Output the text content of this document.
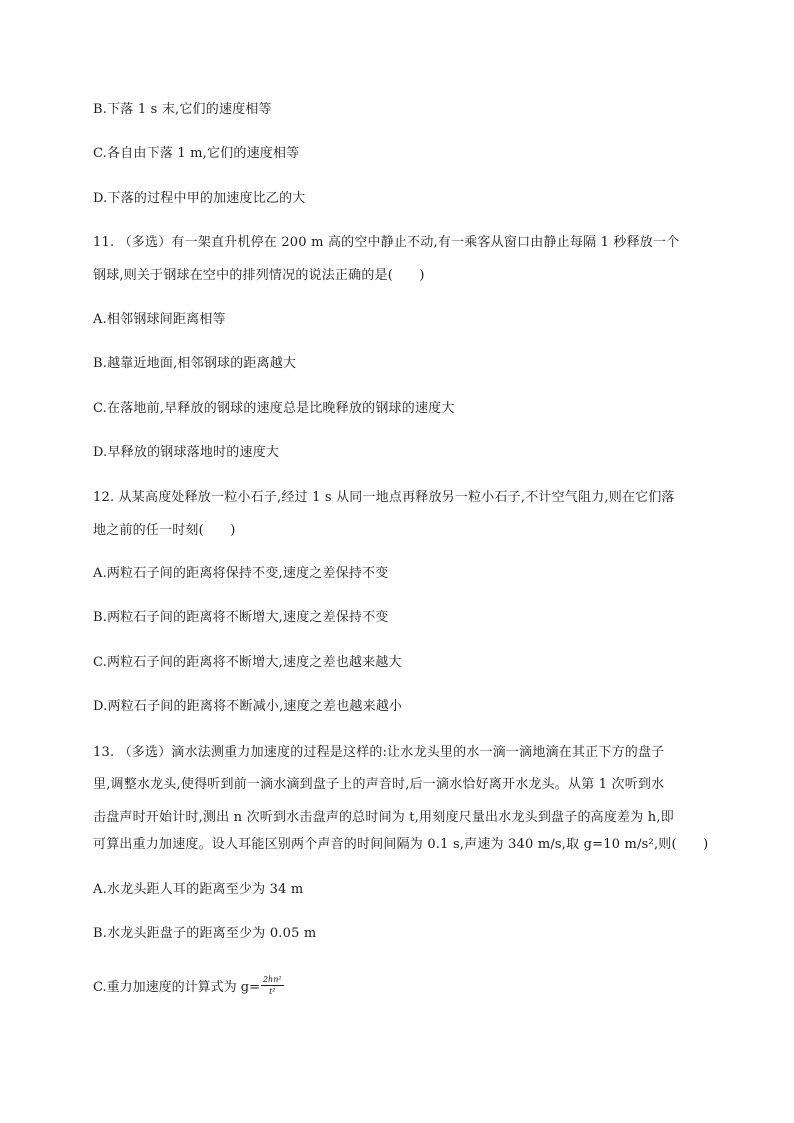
B.下落 1 s 末,它们的速度相等
C.各自由下落 1 m,它们的速度相等
D.下落的过程中甲的加速度比乙的大
11. （多选）有一架直升机停在 200 m 高的空中静止不动,有一乘客从窗口由静止每隔 1 秒释放一个
钢球,则关于钢球在空中的排列情况的说法正确的是(　　)
A.相邻钢球间距离相等
B.越靠近地面,相邻钢球的距离越大
C.在落地前,早释放的钢球的速度总是比晚释放的钢球的速度大
D.早释放的钢球落地时的速度大
12. 从某高度处释放一粒小石子,经过 1 s 从同一地点再释放另一粒小石子,不计空气阻力,则在它们落
地之前的任一时刻(　　)
A.两粒石子间的距离将保持不变,速度之差保持不变
B.两粒石子间的距离将不断增大,速度之差保持不变
C.两粒石子间的距离将不断增大,速度之差也越来越大
D.两粒石子间的距离将不断减小,速度之差也越来越小
13. （多选）滴水法测重力加速度的过程是这样的:让水龙头里的水一滴一滴地滴在其正下方的盘子
里,调整水龙头,使得听到前一滴水滴到盘子上的声音时,后一滴水恰好离开水龙头。从第 1 次听到水
击盘声时开始计时,测出 n 次听到水击盘声的总时间为 t,用刻度尺量出水龙头到盘子的高度差为 h,即
可算出重力加速度。设人耳能区别两个声音的时间间隔为 0.1 s,声速为 340 m/s,取 g=10 m/s²,则(　　)
A.水龙头距人耳的距离至少为 34 m
B.水龙头距盘子的距离至少为 0.05 m
C.重力加速度的计算式为 $g= \frac{\text{2hn²}}{\text{t²}}$
